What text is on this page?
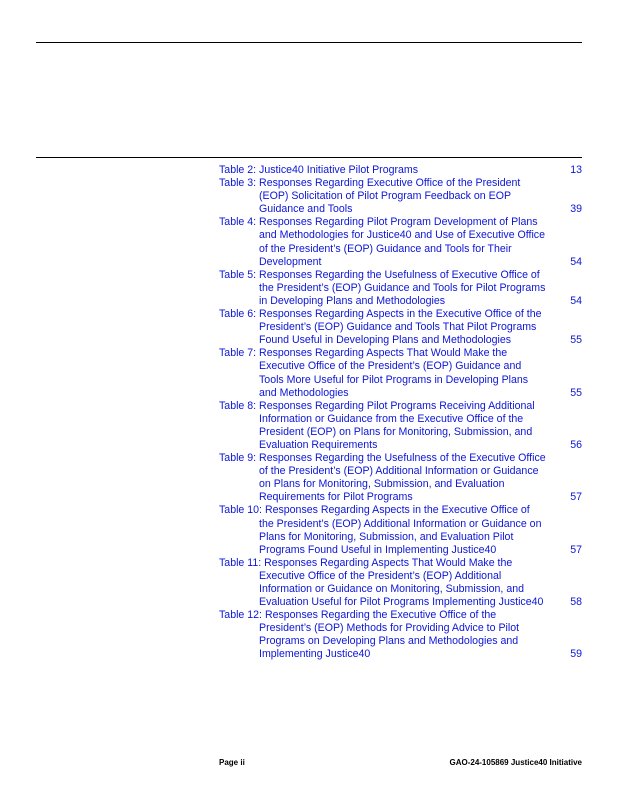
Table 2: Justice40 Initiative Pilot Programs	13
Table 3: Responses Regarding Executive Office of the President (EOP) Solicitation of Pilot Program Feedback on EOP Guidance and Tools	39
Table 4: Responses Regarding Pilot Program Development of Plans and Methodologies for Justice40 and Use of Executive Office of the President’s (EOP) Guidance and Tools for Their Development	54
Table 5: Responses Regarding the Usefulness of Executive Office of the President’s (EOP) Guidance and Tools for Pilot Programs in Developing Plans and Methodologies	54
Table 6: Responses Regarding Aspects in the Executive Office of the President’s (EOP) Guidance and Tools That Pilot Programs Found Useful in Developing Plans and Methodologies	55
Table 7: Responses Regarding Aspects That Would Make the Executive Office of the President’s (EOP) Guidance and Tools More Useful for Pilot Programs in Developing Plans and Methodologies	55
Table 8: Responses Regarding Pilot Programs Receiving Additional Information or Guidance from the Executive Office of the President (EOP) on Plans for Monitoring, Submission, and Evaluation Requirements	56
Table 9: Responses Regarding the Usefulness of the Executive Office of the President’s (EOP) Additional Information or Guidance on Plans for Monitoring, Submission, and Evaluation Requirements for Pilot Programs	57
Table 10: Responses Regarding Aspects in the Executive Office of the President’s (EOP) Additional Information or Guidance on Plans for Monitoring, Submission, and Evaluation Pilot Programs Found Useful in Implementing Justice40	57
Table 11: Responses Regarding Aspects That Would Make the Executive Office of the President’s (EOP) Additional Information or Guidance on Monitoring, Submission, and Evaluation Useful for Pilot Programs Implementing Justice40	58
Table 12: Responses Regarding the Executive Office of the President’s (EOP) Methods for Providing Advice to Pilot Programs on Developing Plans and Methodologies and Implementing Justice40	59
Page ii	GAO-24-105869 Justice40 Initiative
